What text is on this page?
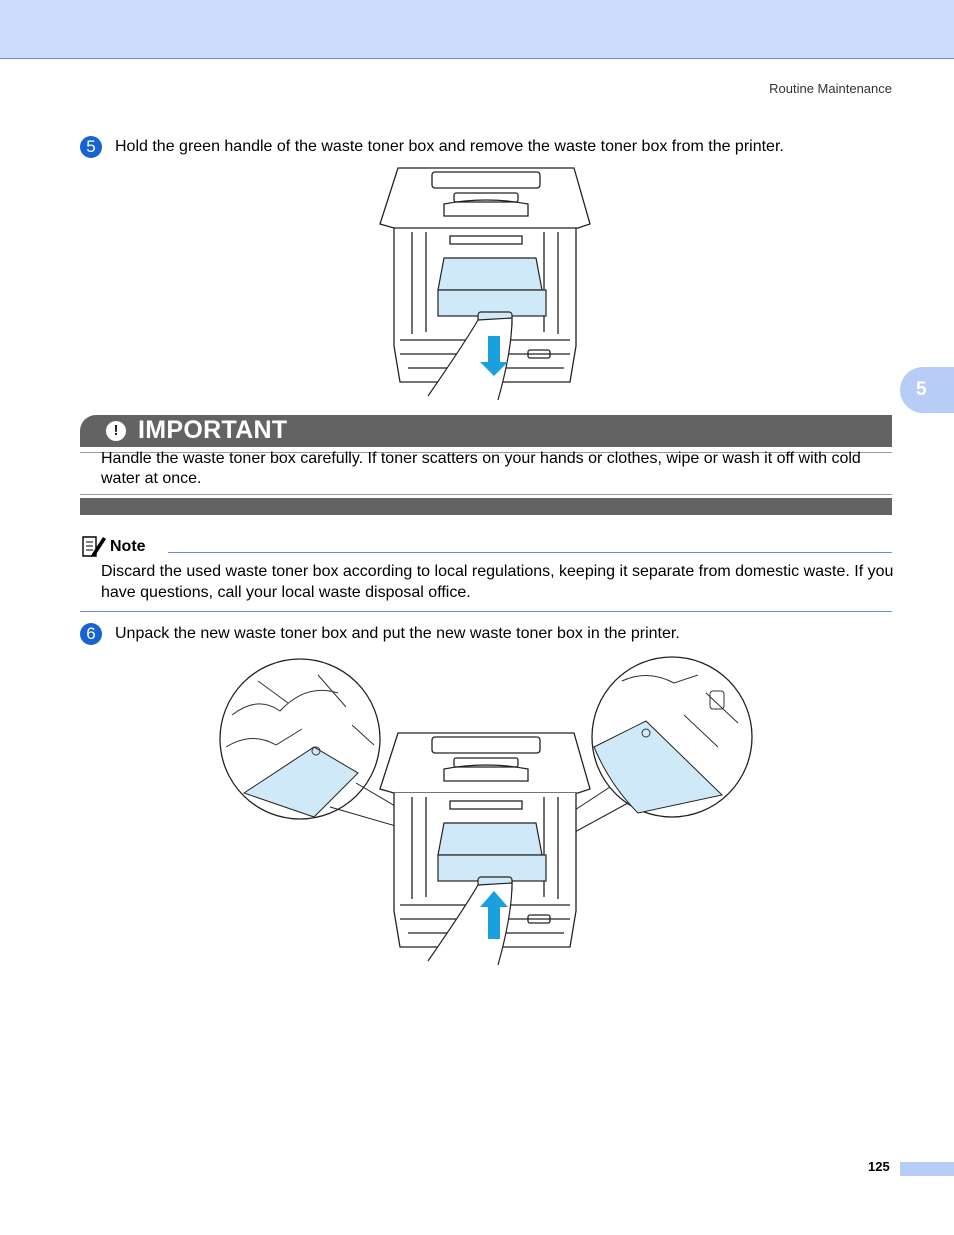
Routine Maintenance
5
5	Hold the green handle of the waste toner box and remove the waste toner box from the printer.
! IMPORTANT
Handle the waste toner box carefully. If toner scatters on your hands or clothes, wipe or wash it off with cold water at once.
Note
Discard the used waste toner box according to local regulations, keeping it separate from domestic waste. If you have questions, call your local waste disposal office.
6	Unpack the new waste toner box and put the new waste toner box in the printer.
125
